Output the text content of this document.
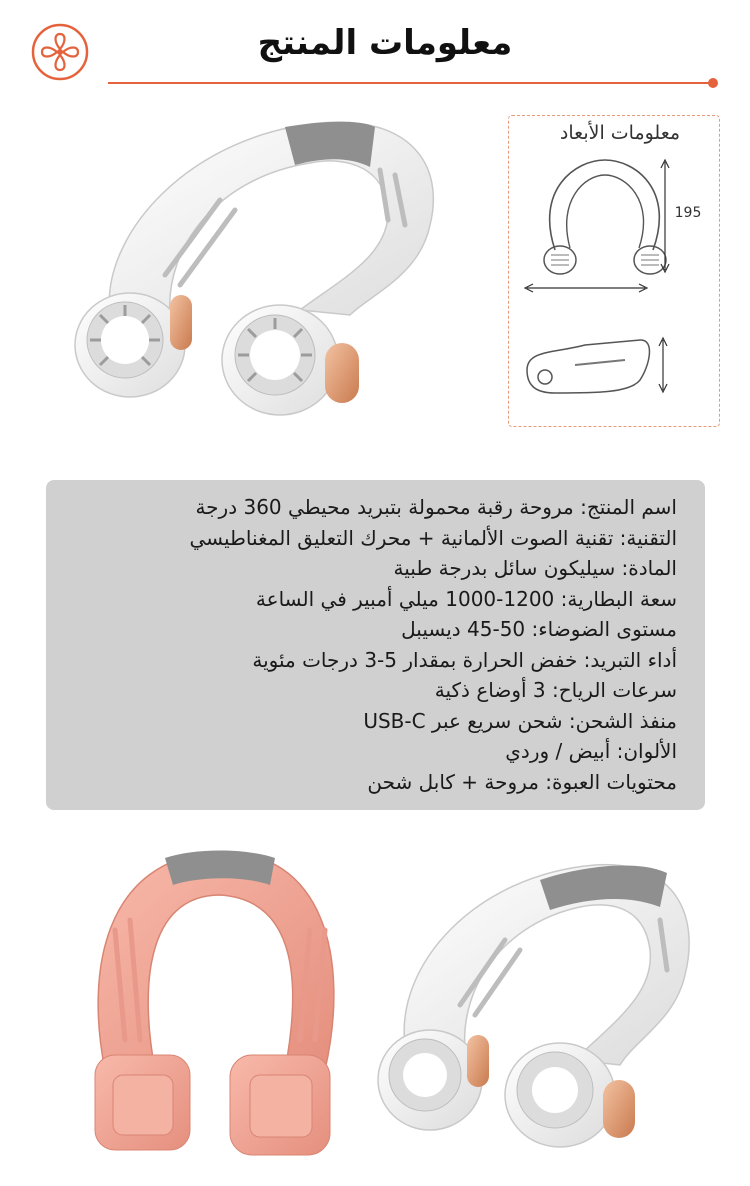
معلومات المنتج
معلومات الأبعاد
195
اسم المنتج: مروحة رقبة محمولة بتبريد محيطي 360 درجة
التقنية: تقنية الصوت الألمانية + محرك التعليق المغناطيسي
المادة: سيليكون سائل بدرجة طبية
سعة البطارية: 1200-1000 ميلي أمبير في الساعة
مستوى الضوضاء: 50-45 ديسيبل
أداء التبريد: خفض الحرارة بمقدار 5-3 درجات مئوية
سرعات الرياح: 3 أوضاع ذكية
منفذ الشحن: شحن سريع عبر USB-C
الألوان: أبيض / وردي
محتويات العبوة: مروحة + كابل شحن
